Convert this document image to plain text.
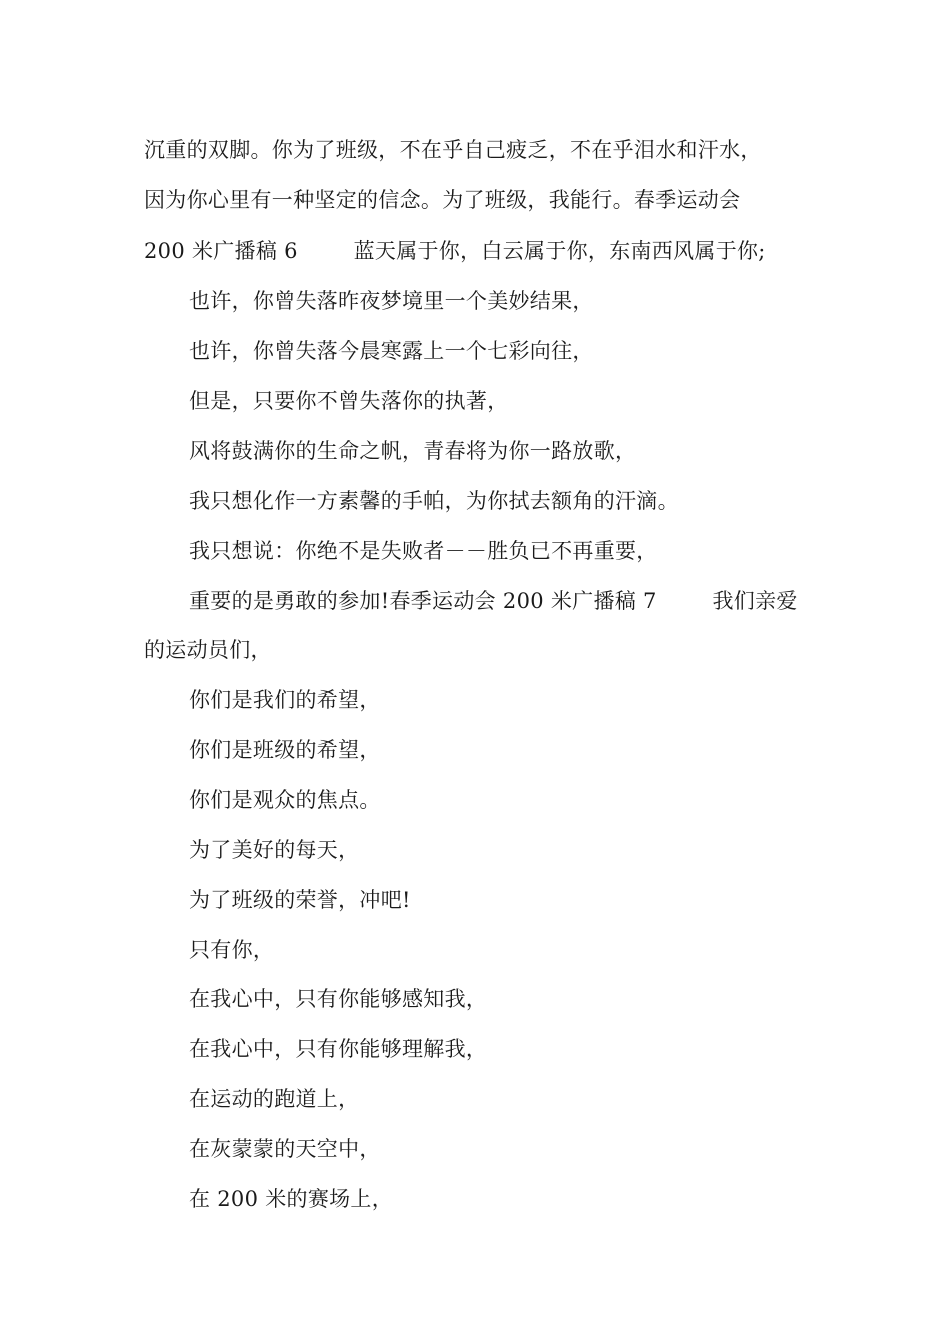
沉重的双脚。你为了班级，不在乎自己疲乏，不在乎泪水和汗水，
因为你心里有一种坚定的信念。为了班级，我能行。春季运动会
200 米广播稿 6        蓝天属于你，白云属于你，东南西风属于你;
也许，你曾失落昨夜梦境里一个美妙结果，
也许，你曾失落今晨寒露上一个七彩向往，
但是，只要你不曾失落你的执著，
风将鼓满你的生命之帆，青春将为你一路放歌，
我只想化作一方素馨的手帕，为你拭去额角的汗滴。
我只想说：你绝不是失败者－－胜负已不再重要，
重要的是勇敢的参加!春季运动会 200 米广播稿 7        我们亲爱
的运动员们，
你们是我们的希望，
你们是班级的希望，
你们是观众的焦点。
为了美好的每天，
为了班级的荣誉，冲吧!
只有你，
在我心中，只有你能够感知我，
在我心中，只有你能够理解我，
在运动的跑道上，
在灰蒙蒙的天空中，
在 200 米的赛场上，
